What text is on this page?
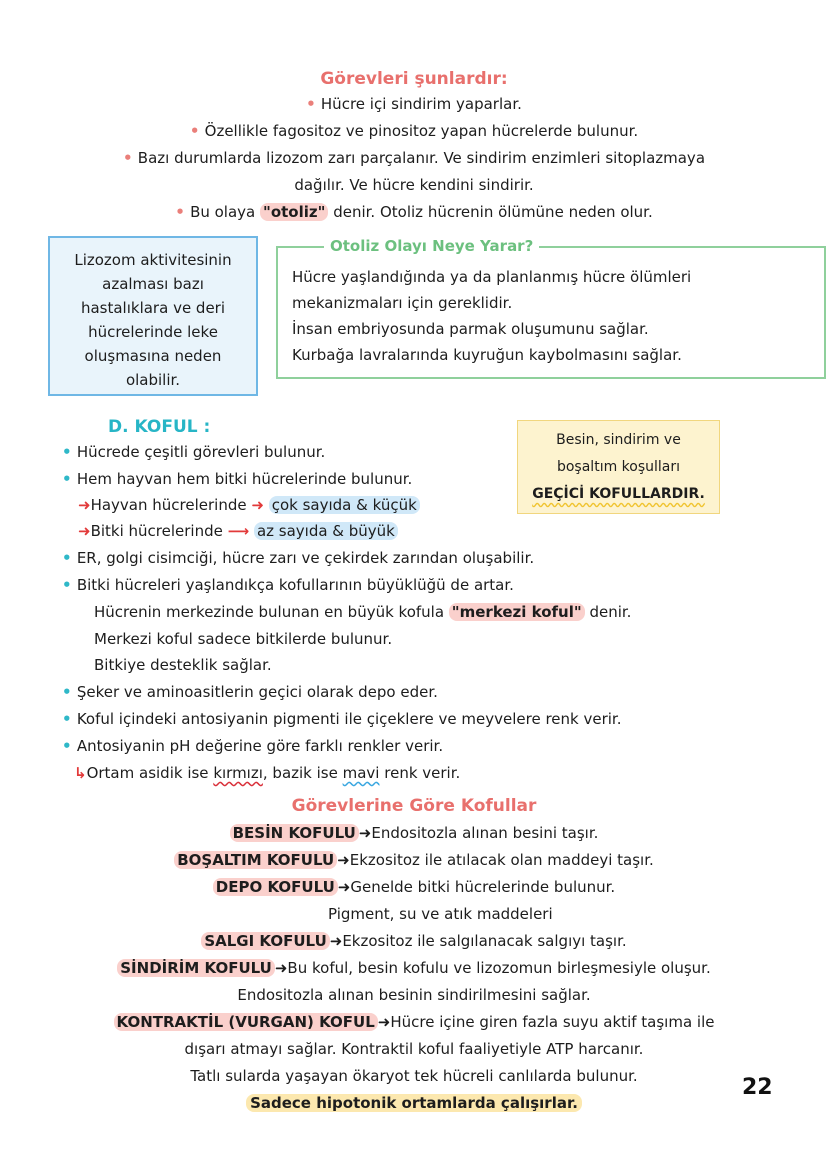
Görevleri şunlardır:
• Hücre içi sindirim yaparlar.
• Özellikle fagositoz ve pinositoz yapan hücrelerde bulunur.
• Bazı durumlarda lizozom zarı parçalanır. Ve sindirim enzimleri sitoplazmaya
dağılır. Ve hücre kendini sindirir.
• Bu olaya "otoliz" denir. Otoliz hücrenin ölümüne neden olur.
Lizozom aktivitesinin
azalması bazı
hastalıklara ve deri
hücrelerinde leke
oluşmasına neden
olabilir.
Otoliz Olayı Neye Yarar?
Hücre yaşlandığında ya da planlanmış hücre ölümleri
mekanizmaları için gereklidir.
İnsan embriyosunda parmak oluşumunu sağlar.
Kurbağa lavralarında kuyruğun kaybolmasını sağlar.
D. KOFUL :
• Hücrede çeşitli görevleri bulunur.
• Hem hayvan hem bitki hücrelerinde bulunur.
➜Hayvan hücrelerinde ➜ çok sayıda & küçük
➜Bitki hücrelerinde ⟶ az sayıda & büyük
• ER, golgi cisimciği, hücre zarı ve çekirdek zarından oluşabilir.
• Bitki hücreleri yaşlandıkça kofullarının büyüklüğü de artar.
Hücrenin merkezinde bulunan en büyük kofula "merkezi koful" denir.
Merkezi koful sadece bitkilerde bulunur.
Bitkiye desteklik sağlar.
• Şeker ve aminoasitlerin geçici olarak depo eder.
• Koful içindeki antosiyanin pigmenti ile çiçeklere ve meyvelere renk verir.
• Antosiyanin pH değerine göre farklı renkler verir.
↳Ortam asidik ise kırmızı, bazik ise mavi renk verir.
Besin, sindirim ve
boşaltım koşulları
GEÇİCİ KOFULLARDIR.
Görevlerine Göre Kofullar
BESİN KOFULU ➜Endositozla alınan besini taşır.
BOŞALTIM KOFULU ➜Ekzositoz ile atılacak olan maddeyi taşır.
DEPO KOFULU ➜Genelde bitki hücrelerinde bulunur.
Pigment, su ve atık maddeleri
SALGI KOFULU ➜Ekzositoz ile salgılanacak salgıyı taşır.
SİNDİRİM KOFULU ➜Bu koful, besin kofulu ve lizozomun birleşmesiyle oluşur.
Endositozla alınan besinin sindirilmesini sağlar.
KONTRAKTİL (VURGAN) KOFUL ➜Hücre içine giren fazla suyu aktif taşıma ile
dışarı atmayı sağlar. Kontraktil koful faaliyetiyle ATP harcanır.
Tatlı sularda yaşayan ökaryot tek hücreli canlılarda bulunur.
Sadece hipotonik ortamlarda çalışırlar.
22
